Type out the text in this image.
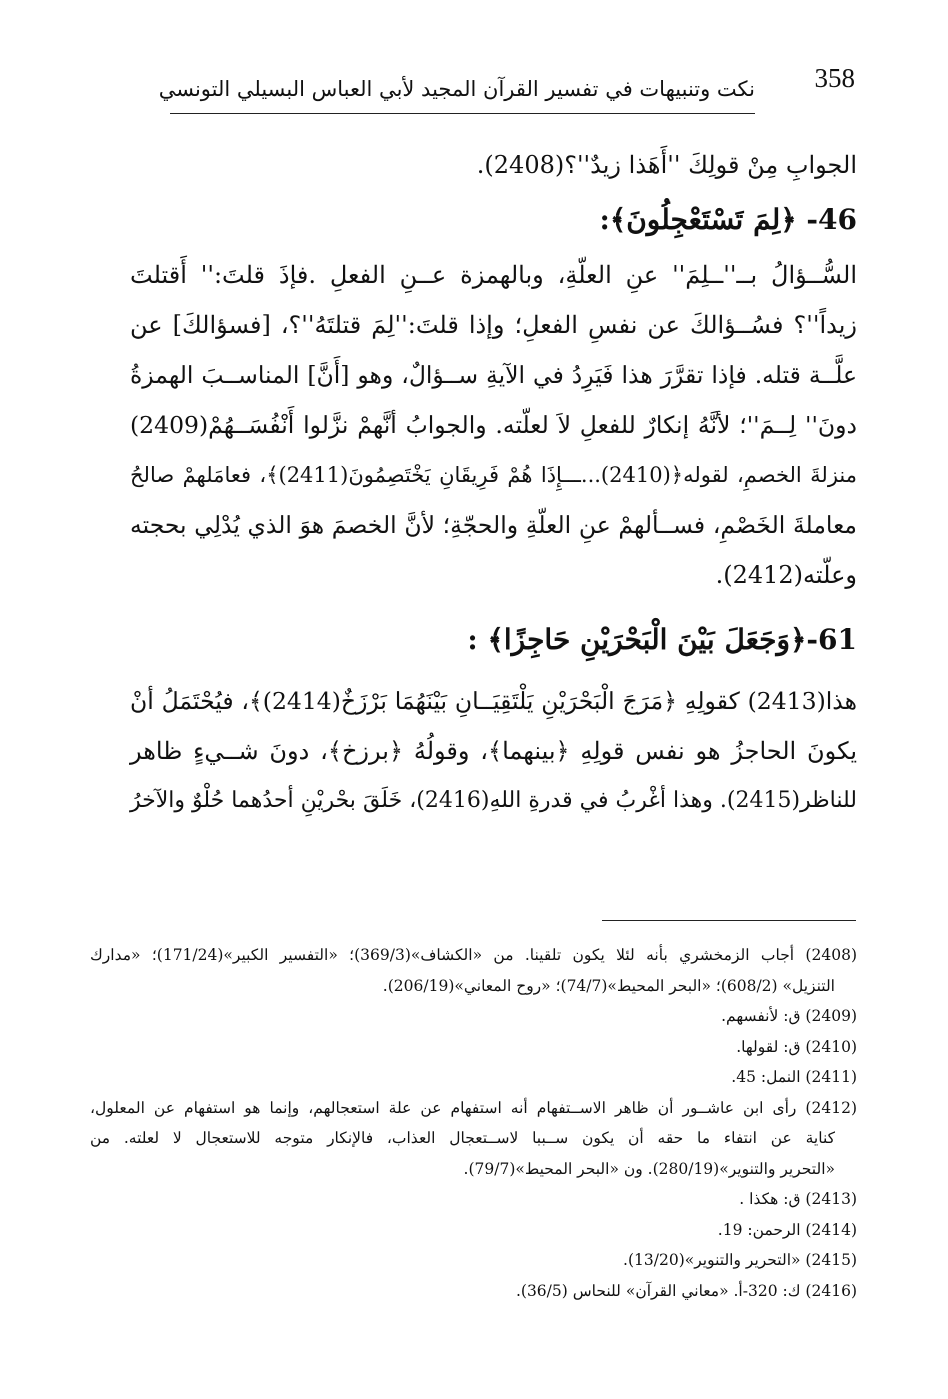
358
نكت وتنبيهات في تفسير القرآن المجيد لأبي العباس البسيلي التونسي
الجوابِ مِنْ قولِكَ ''أَهَذا زيدٌ''؟(2408).
46- ﴿لِمَ تَسْتَعْجِلُونَ﴾:
السُّــؤالُ بــ''ــلِمَ'' عنِ العلّةِ، وبالهمزة عــنِ الفعلِ .فإذَ قلتَ:'' أَقتلتَ
زيداً''؟ فسُــؤالكَ عن نفسِ الفعلِ؛ وإذا قلتَ:''لِمَ قتلتَهُ''؟، [فسؤالكَ] عن
علَّــة قتله. فإذا تقرَّرَ هذا فَيَرِدُ في الآيةِ ســؤالٌ، وهو [أَنَّ] المناســبَ الهمزةُ
دونَ'' لِــمَ''؛ لأنَّهُ إنكارٌ للفعلِ لاَ لعلّته. والجوابُ أنَّهمْ نزَّلوا أَنْفُسَــهُمْ(2409)
منزلةَ الخصمِ، لقوله﴿(2410)...ـــإِذَا هُمْ فَرِيقَانِ يَخْتَصِمُونَ(2411)﴾، فعامَلهمْ صالحُ
معاملةَ الخَصْمِ، فســألهمْ عنِ العلّةِ والحجّةِ؛ لأنَّ الخصمَ هوَ الذي يُدْلِي بحجته
وعلّته(2412).
61-﴿وَجَعَلَ بَيْنَ الْبَحْرَيْنِ حَاجِزًا﴾ :
هذا(2413) كقولِهِ ﴿مَرَجَ الْبَحْرَيْنِ يَلْتَقِيَــانِ بَيْنَهُمَا بَرْزَخٌ(2414)﴾، فيُحْتَمَلُ أنْ
يكونَ الحاجزُ هو نفس قولِهِ ﴿بينهما﴾، وقولُهُ ﴿برزخ﴾، دونَ شــيءٍ ظاهر
للناظر(2415). وهذا أغْربُ في قدرةِ اللهِ(2416)، خَلَقَ بحْريْنِ أحدُهما حُلْوٌ والآخرُ
(2408) أجاب الزمخشري بأنه لئلا يكون تلقينا. من «الكشاف»(369/3)؛ «التفسير الكبير»(171/24)؛ «مدارك
التنزيل» (608/2)؛ «البحر المحيط»(74/7)؛ «روح المعاني»(206/19).
(2409) ق: لأنفسهم.
(2410) ق: لقولها.
(2411) النمل: 45.
(2412) رأى ابن عاشــور أن ظاهر الاســتفهام أنه استفهام عن علة استعجالهم، وإنما هو استفهام عن المعلول،
كناية عن انتفاء ما حقه أن يكون ســببا لاســتعجال العذاب، فالإنكار متوجه للاستعجال لا لعلته. من
«التحرير والتنوير»(280/19). ون «البحر المحيط»(79/7).
(2413) ق: هكذا .
(2414) الرحمن: 19.
(2415) «التحرير والتنوير»(13/20).
(2416) ك: 320-أ. «معاني القرآن» للنحاس (36/5).
